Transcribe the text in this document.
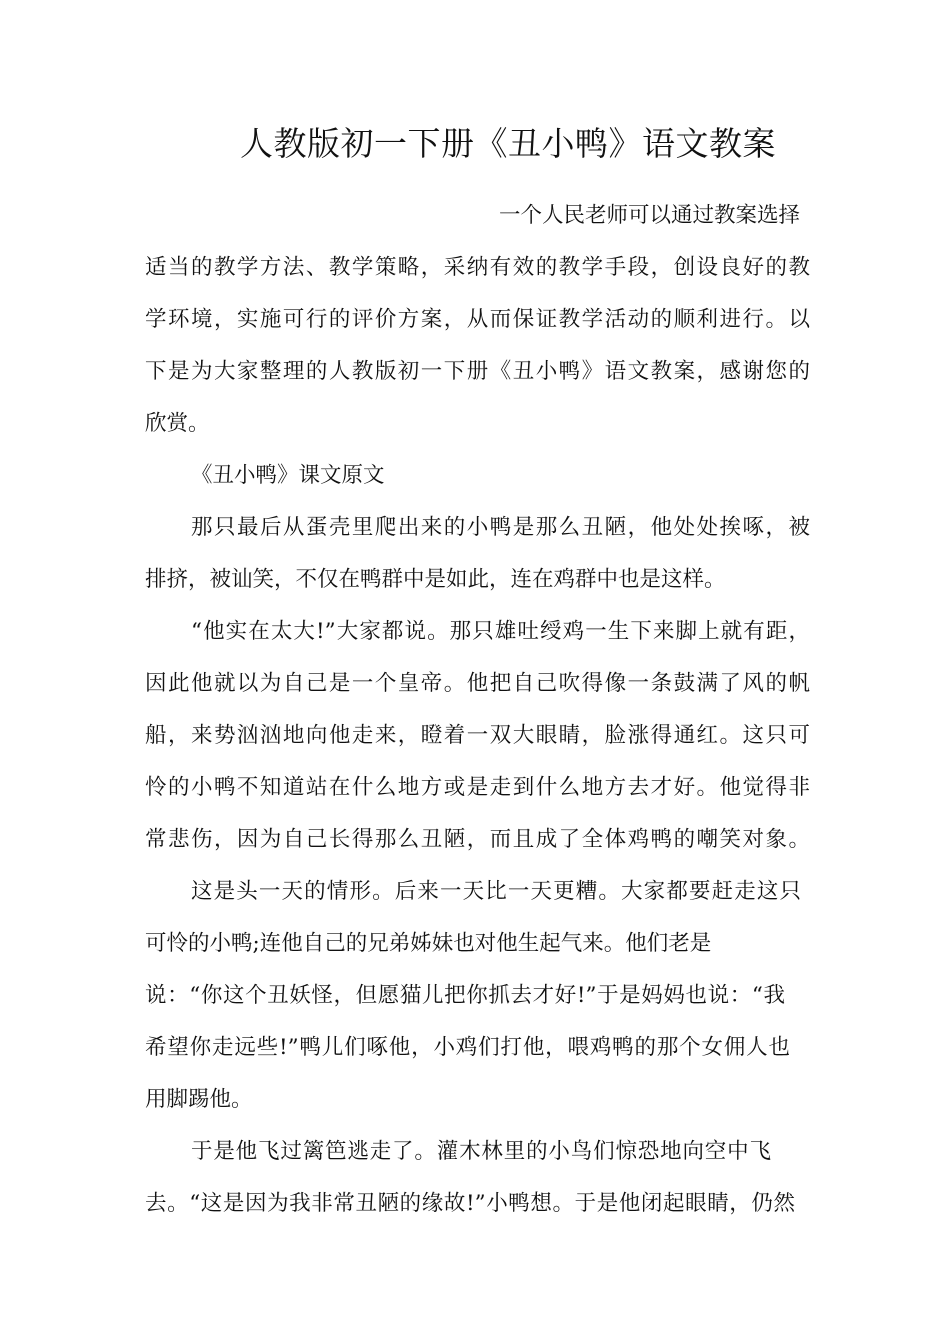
人教版初一下册《丑小鸭》语文教案
一个人民老师可以通过教案选择
适当的教学方法、教学策略，采纳有效的教学手段，创设良好的教
学环境，实施可行的评价方案，从而保证教学活动的顺利进行。以
下是为大家整理的人教版初一下册《丑小鸭》语文教案，感谢您的
欣赏。
《丑小鸭》课文原文
那只最后从蛋壳里爬出来的小鸭是那么丑陋，他处处挨啄，被
排挤，被讪笑，不仅在鸭群中是如此，连在鸡群中也是这样。
“他实在太大!”大家都说。那只雄吐绶鸡一生下来脚上就有距，
因此他就以为自己是一个皇帝。他把自己吹得像一条鼓满了风的帆
船，来势汹汹地向他走来，瞪着一双大眼睛，脸涨得通红。这只可
怜的小鸭不知道站在什么地方或是走到什么地方去才好。他觉得非
常悲伤，因为自己长得那么丑陋，而且成了全体鸡鸭的嘲笑对象。
这是头一天的情形。后来一天比一天更糟。大家都要赶走这只
可怜的小鸭;连他自己的兄弟姊妹也对他生起气来。他们老是
说：“你这个丑妖怪，但愿猫儿把你抓去才好!”于是妈妈也说：“我
希望你走远些!”鸭儿们啄他，小鸡们打他，喂鸡鸭的那个女佣人也
用脚踢他。
于是他飞过篱笆逃走了。灌木林里的小鸟们惊恐地向空中飞
去。“这是因为我非常丑陋的缘故!”小鸭想。于是他闭起眼睛，仍然
